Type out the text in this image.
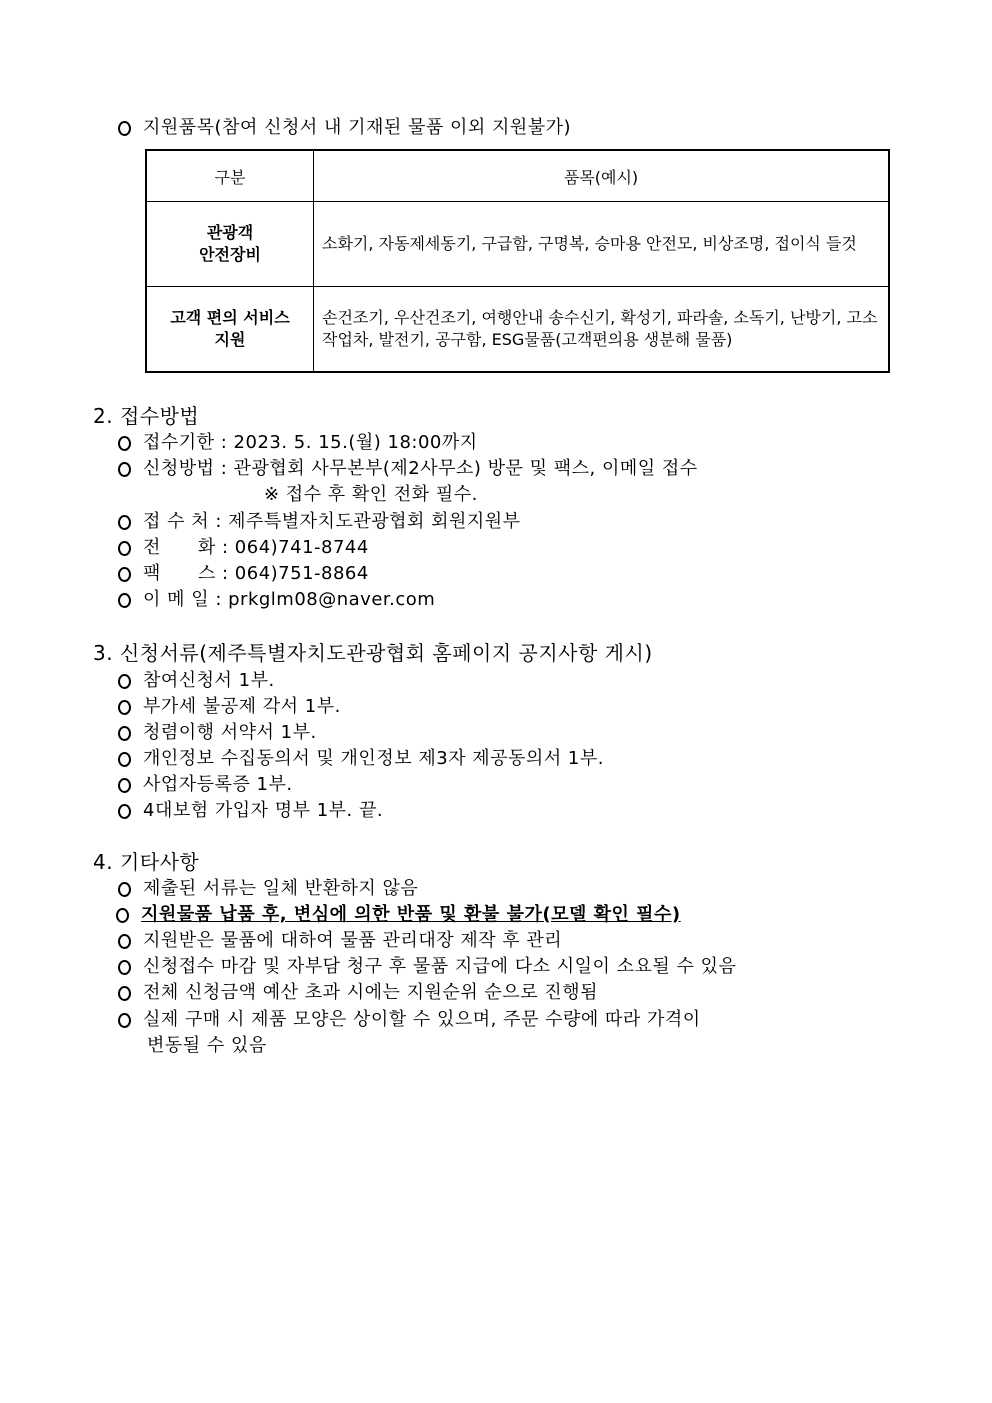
지원품목(참여 신청서 내 기재된 물품 이외 지원불가)
구분	품목(예시)
관광객
안전장비	소화기, 자동제세동기, 구급함, 구명복, 승마용 안전모, 비상조명, 접이식 들것
고객 편의 서비스
지원	손건조기, 우산건조기, 여행안내 송수신기, 확성기, 파라솔, 소독기, 난방기, 고소작업차, 발전기, 공구함, ESG물품(고객편의용 생분해 물품)
2. 접수방법
접수기한 : 2023. 5. 15.(월) 18:00까지
신청방법 : 관광협회 사무본부(제2사무소) 방문 및 팩스, 이메일 접수
※ 접수 후 확인 전화 필수.
접 수 처 : 제주특별자치도관광협회 회원지원부
전　　화 : 064)741-8744
팩　　스 : 064)751-8864
이 메 일 : prkglm08@naver.com
3. 신청서류(제주특별자치도관광협회 홈페이지 공지사항 게시)
참여신청서 1부.
부가세 불공제 각서 1부.
청렴이행 서약서 1부.
개인정보 수집동의서 및 개인정보 제3자 제공동의서 1부.
사업자등록증 1부.
4대보험 가입자 명부 1부. 끝.
4. 기타사항
제출된 서류는 일체 반환하지 않음
지원물품 납품 후, 변심에 의한 반품 및 환불 불가(모델 확인 필수)
지원받은 물품에 대하여 물품 관리대장 제작 후 관리
신청접수 마감 및 자부담 청구 후 물품 지급에 다소 시일이 소요될 수 있음
전체 신청금액 예산 초과 시에는 지원순위 순으로 진행됨
실제 구매 시 제품 모양은 상이할 수 있으며, 주문 수량에 따라 가격이
변동될 수 있음
